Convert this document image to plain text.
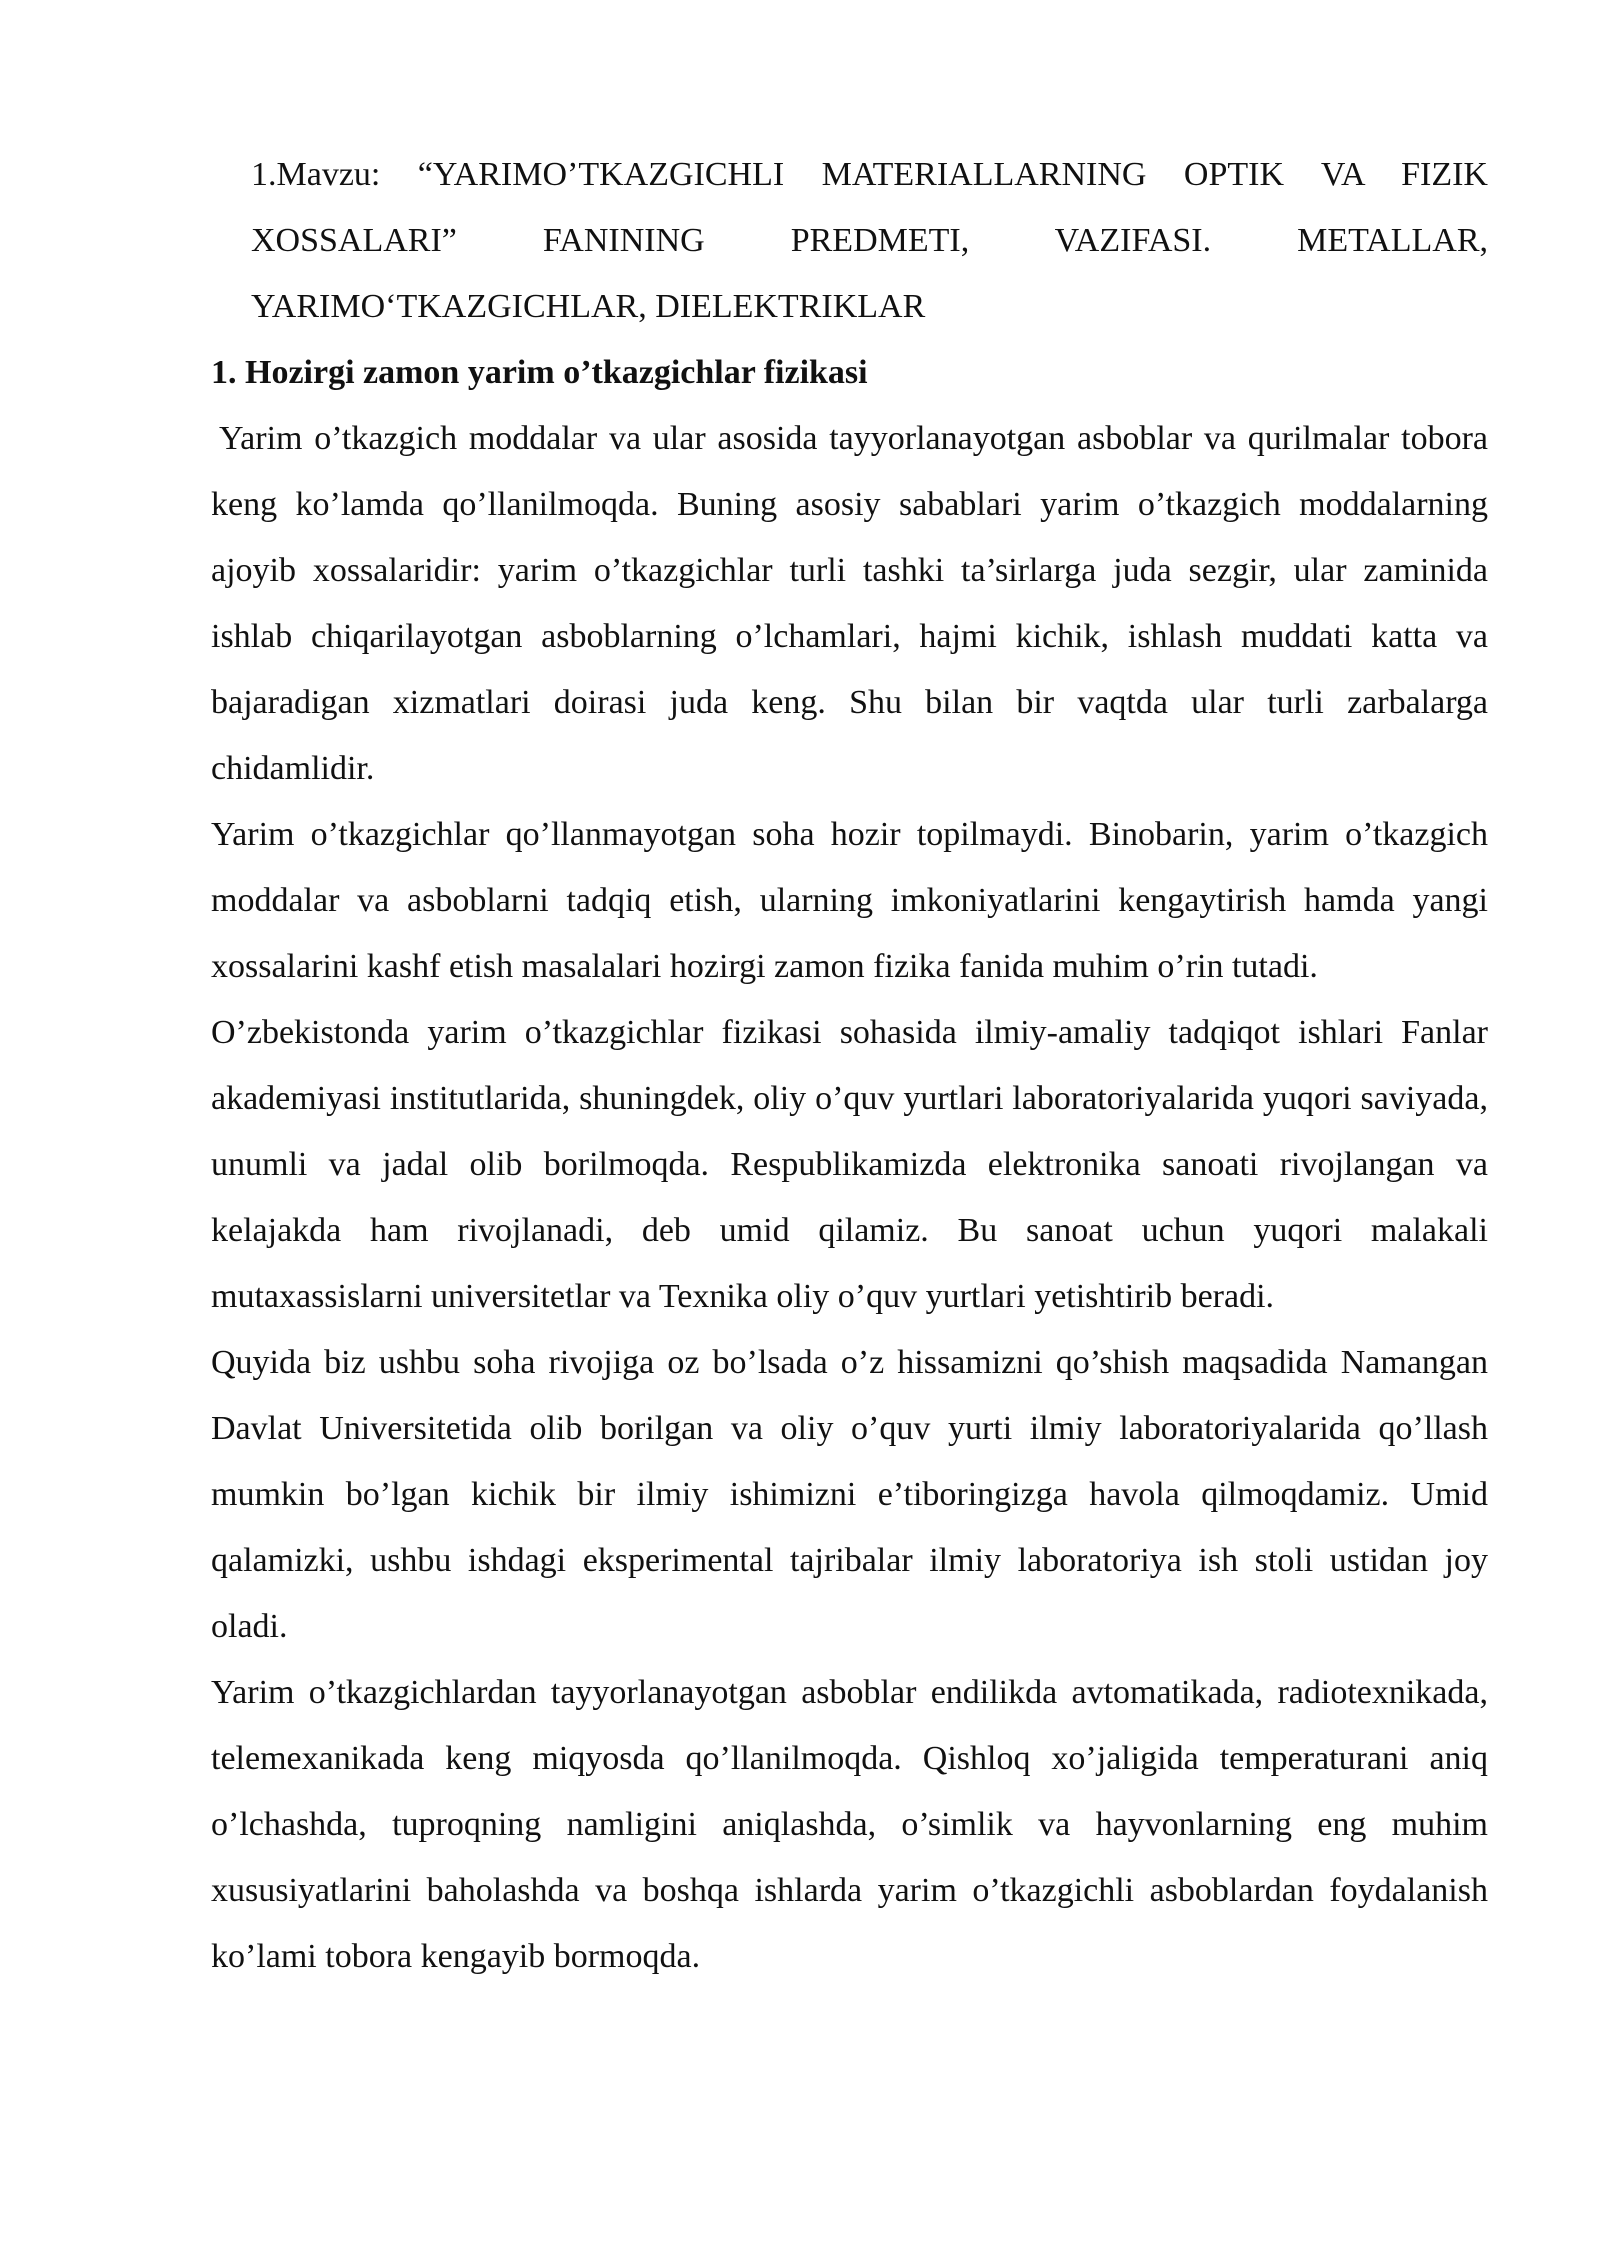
1.Mavzu: “YARIMO’TKAZGICHLI MATERIALLARNING OPTIK VA FIZIK XOSSALARI” FANINING PREDMETI, VAZIFASI. METALLAR, YARIMO‘TKAZGICHLAR, DIELEKTRIKLAR

1. Hozirgi zamon yarim o’tkazgichlar fizikasi

Yarim o’tkazgich moddalar va ular asosida tayyorlanayotgan asboblar va qurilmalar tobora keng ko’lamda qo’llanilmoqda. Buning asosiy sabablari yarim o’tkazgich moddalarning ajoyib xossalaridir: yarim o’tkazgichlar turli tashki ta’sirlarga juda sezgir, ular zaminida ishlab chiqarilayotgan asboblarning o’lchamlari, hajmi kichik, ishlash muddati katta va bajaradigan xizmatlari doirasi juda keng. Shu bilan bir vaqtda ular turli zarbalarga chidamlidir.

Yarim o’tkazgichlar qo’llanmayotgan soha hozir topilmaydi. Binobarin, yarim o’tkazgich moddalar va asboblarni tadqiq etish, ularning imkoniyatlarini kengaytirish hamda yangi xossalarini kashf etish masalalari hozirgi zamon fizika fanida muhim o’rin tutadi.

O’zbekistonda yarim o’tkazgichlar fizikasi sohasida ilmiy-amaliy tadqiqot ishlari Fanlar akademiyasi institutlarida, shuningdek, oliy o’quv yurtlari laboratoriyalarida yuqori saviyada, unumli va jadal olib borilmoqda. Respublikamizda elektronika sanoati rivojlangan va kelajakda ham rivojlanadi, deb umid qilamiz. Bu sanoat uchun yuqori malakali mutaxassislarni universitetlar va Texnika oliy o’quv yurtlari yetishtirib beradi.

Quyida biz ushbu soha rivojiga oz bo’lsada o’z hissamizni qo’shish maqsadida Namangan Davlat Universitetida olib borilgan va oliy o’quv yurti ilmiy laboratoriyalarida qo’llash mumkin bo’lgan kichik bir ilmiy ishimizni e’tiboringizga havola qilmoqdamiz. Umid qalamizki, ushbu ishdagi eksperimental tajribalar ilmiy laboratoriya ish stoli ustidan joy oladi.

Yarim o’tkazgichlardan tayyorlanayotgan asboblar endilikda avtomatikada, radiotexnikada, telemexanikada keng miqyosda qo’llanilmoqda. Qishloq xo’jaligida temperaturani aniq o’lchashda, tuproqning namligini aniqlashda, o’simlik va hayvonlarning eng muhim xususiyatlarini baholashda va boshqa ishlarda yarim o’tkazgichli asboblardan foydalanish ko’lami tobora kengayib bormoqda.
